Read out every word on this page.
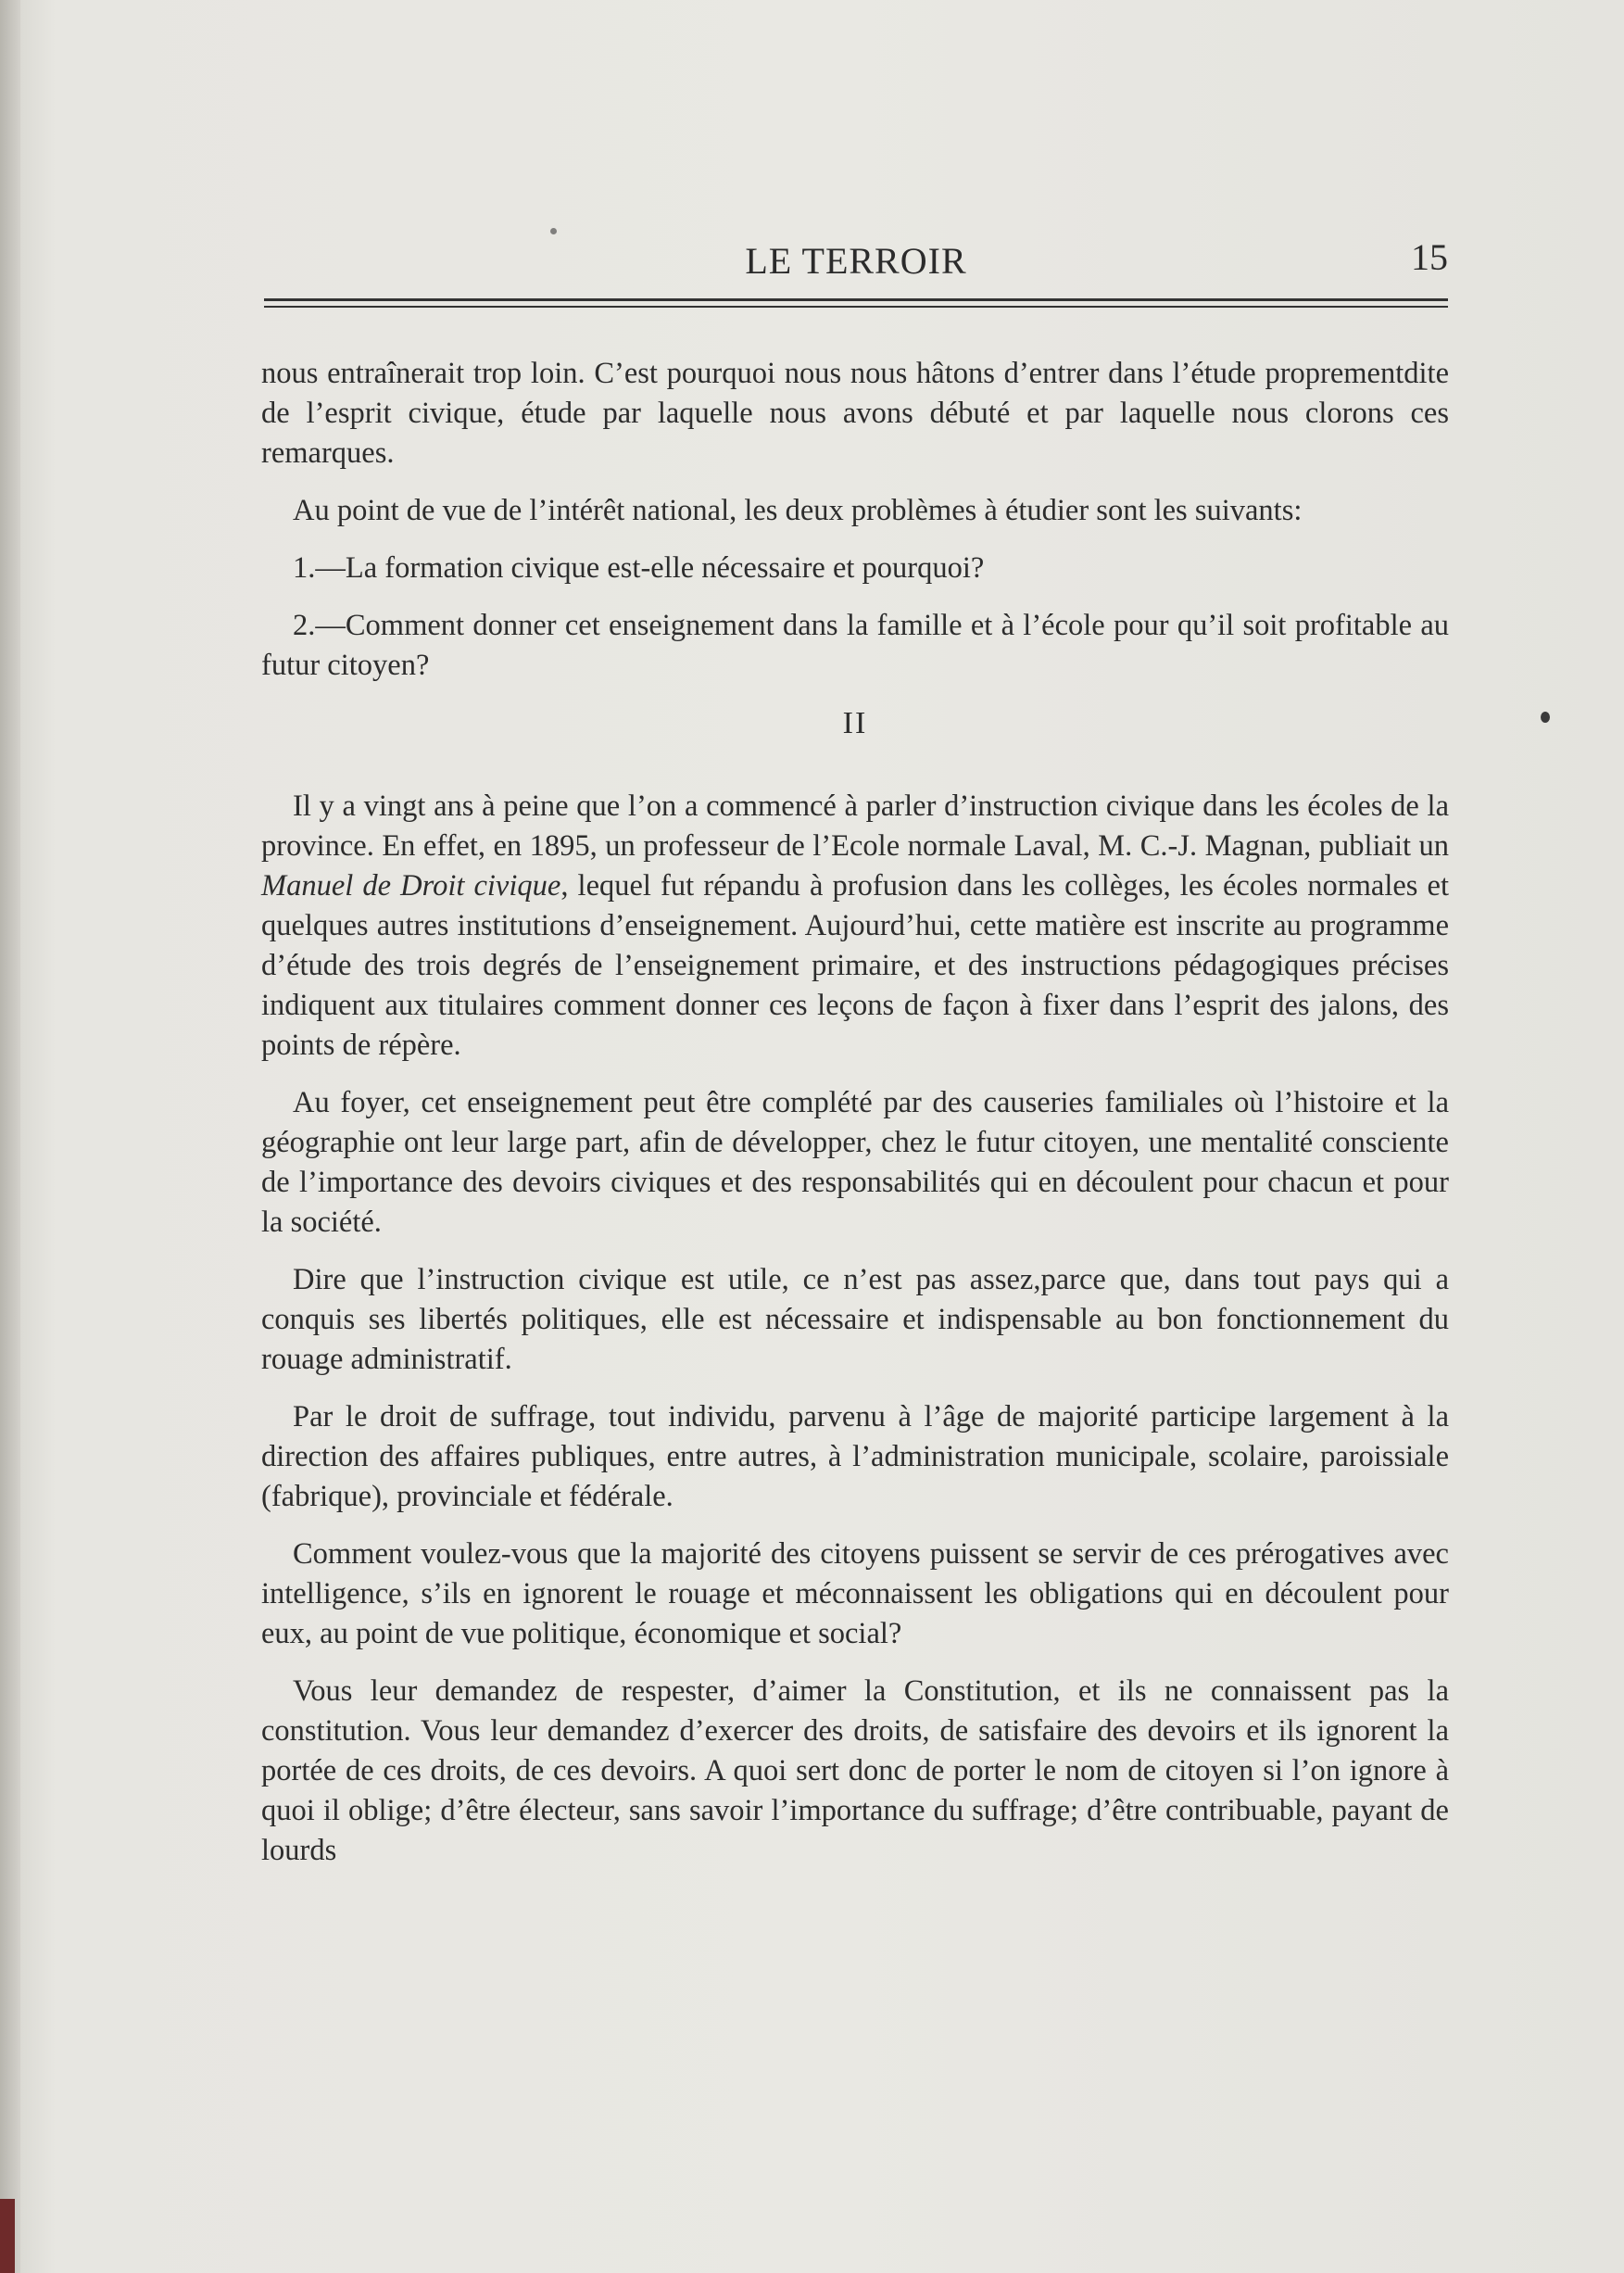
LE TERROIR	15

nous entraînerait trop loin. C’est pourquoi nous nous hâtons d’entrer dans l’étude proprementdite de l’esprit civique, étude par laquelle nous avons débuté et par laquelle nous clorons ces remarques.

Au point de vue de l’intérêt national, les deux problèmes à étudier sont les suivants:

1.—La formation civique est-elle nécessaire et pourquoi?

2.—Comment donner cet enseignement dans la famille et à l’école pour qu’il soit profitable au futur citoyen?

II

Il y a vingt ans à peine que l’on a commencé à parler d’instruction civique dans les écoles de la province. En effet, en 1895, un professeur de l’Ecole normale Laval, M. C.-J. Magnan, publiait un Manuel de Droit civique, lequel fut répandu à profusion dans les collèges, les écoles normales et quelques autres institutions d’enseignement. Aujourd’hui, cette matière est inscrite au programme d’étude des trois degrés de l’enseignement primaire, et des instructions pédagogiques précises indiquent aux titulaires comment donner ces leçons de façon à fixer dans l’esprit des jalons, des points de répère.

Au foyer, cet enseignement peut être complété par des causeries familiales où l’histoire et la géographie ont leur large part, afin de développer, chez le futur citoyen, une mentalité consciente de l’importance des devoirs civiques et des responsabilités qui en découlent pour chacun et pour la société.

Dire que l’instruction civique est utile, ce n’est pas assez,parce que, dans tout pays qui a conquis ses libertés politiques, elle est nécessaire et indispensable au bon fonctionnement du rouage administratif.

Par le droit de suffrage, tout individu, parvenu à l’âge de majorité participe largement à la direction des affaires publiques, entre autres, à l’administration municipale, scolaire, paroissiale (fabrique), provinciale et fédérale.

Comment voulez-vous que la majorité des citoyens puissent se servir de ces prérogatives avec intelligence, s’ils en ignorent le rouage et méconnaissent les obligations qui en découlent pour eux, au point de vue politique, économique et social?

Vous leur demandez de respester, d’aimer la Constitution, et ils ne connaissent pas la constitution. Vous leur demandez d’exercer des droits, de satisfaire des devoirs et ils ignorent la portée de ces droits, de ces devoirs. A quoi sert donc de porter le nom de citoyen si l’on ignore à quoi il oblige; d’être électeur, sans savoir l’importance du suffrage; d’être contribuable, payant de lourds
